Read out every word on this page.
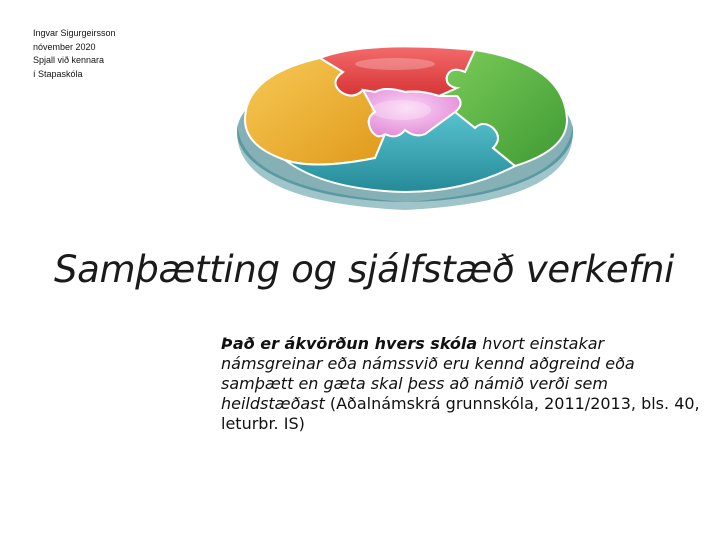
Ingvar Sigurgeirsson
nóvember 2020
Spjall við kennara
í Stapaskóla
Samþætting og sjálfstæð verkefni
Það er ákvörðun hvers skóla hvort einstakar námsgreinar eða námssvið eru kennd aðgreind eða samþætt en gæta skal þess að námið verði sem heildstæðast (Aðalnámskrá grunnskóla, 2011/2013, bls. 40, leturbr. IS)
